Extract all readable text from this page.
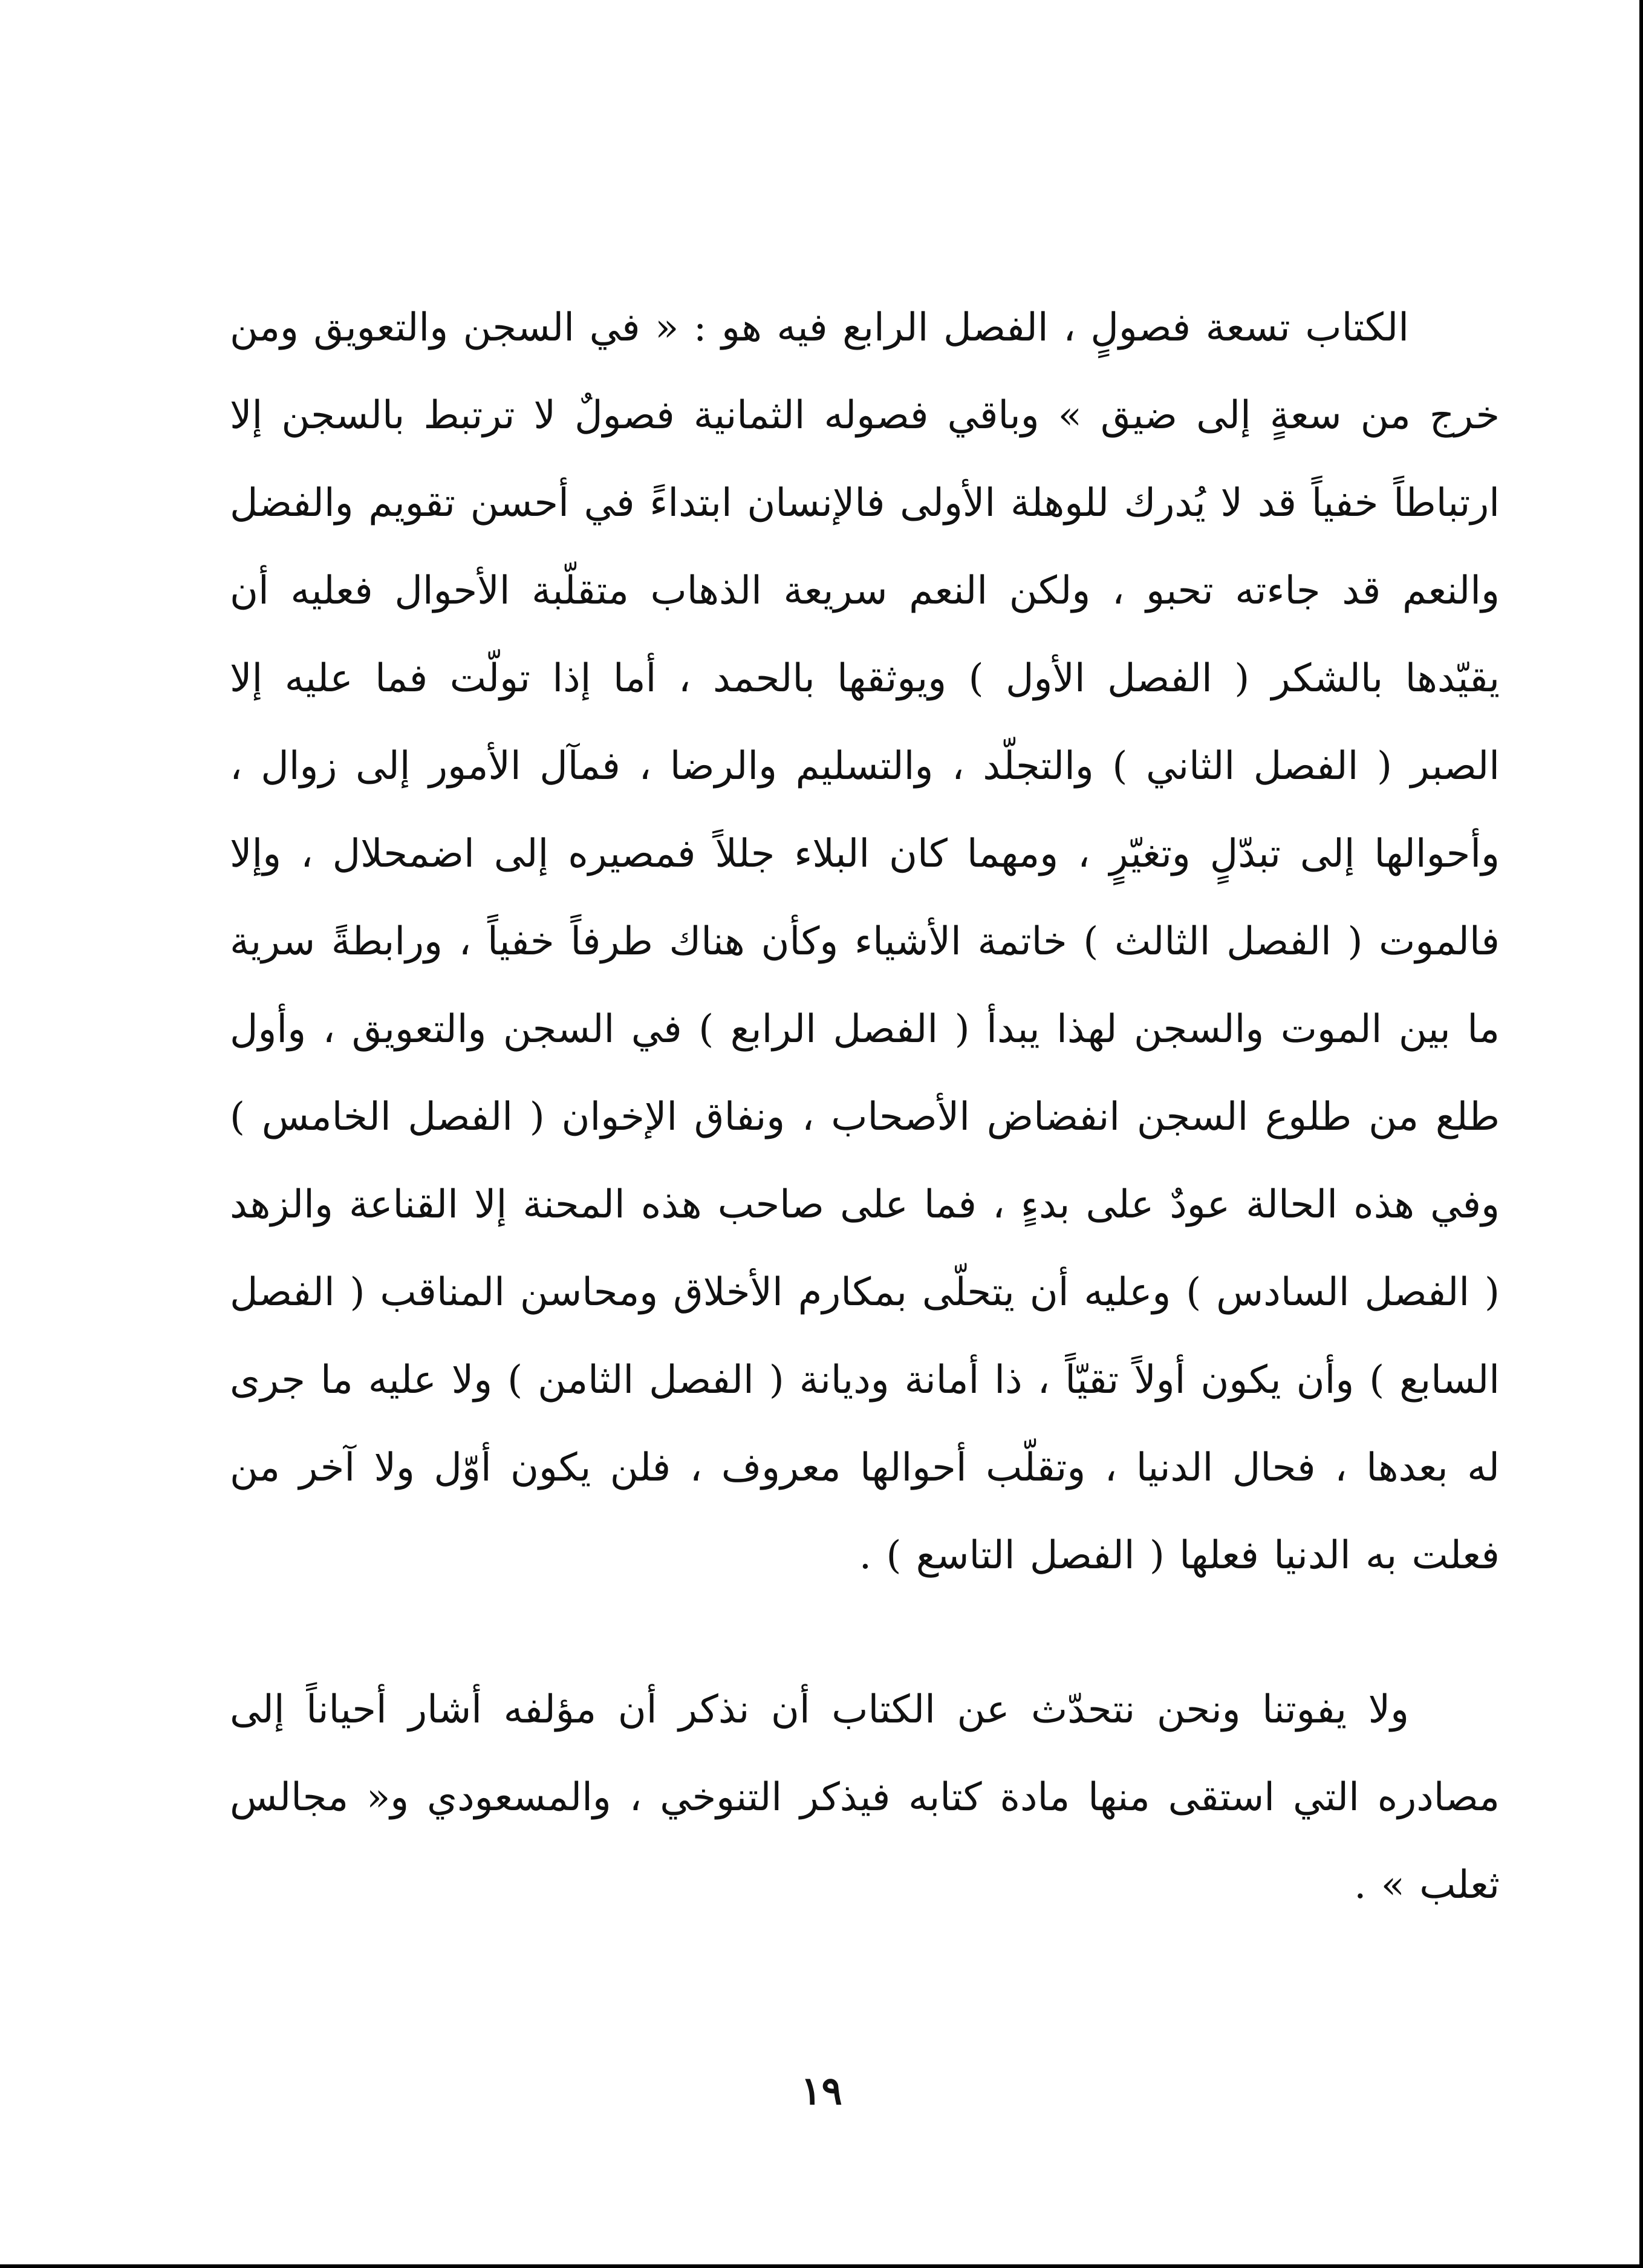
الكتاب تسعة فصولٍ ، الفصل الرابع فيه هو : « في السجن والتعويق ومن خرج من سعةٍ إلى ضيق » وباقي فصوله الثمانية فصولٌ لا ترتبط بالسجن إلا ارتباطاً خفياً قد لا يُدرك للوهلة الأولى فالإنسان ابتداءً في أحسن تقويم والفضل والنعم قد جاءته تحبو ، ولكن النعم سريعة الذهاب متقلّبة الأحوال فعليه أن يقيّدها بالشكر ( الفصل الأول ) ويوثقها بالحمد ، أما إذا تولّت فما عليه إلا الصبر ( الفصل الثاني ) والتجلّد ، والتسليم والرضا ، فمآل الأمور إلى زوال ، وأحوالها إلى تبدّلٍ وتغيّرٍ ، ومهما كان البلاء جللاً فمصيره إلى اضمحلال ، وإلا فالموت ( الفصل الثالث ) خاتمة الأشياء وكأن هناك طرفاً خفياً ، ورابطةً سرية ما بين الموت والسجن لهذا يبدأ ( الفصل الرابع ) في السجن والتعويق ، وأول طلع من طلوع السجن انفضاض الأصحاب ، ونفاق الإخوان ( الفصل الخامس ) وفي هذه الحالة عودٌ على بدءٍ ، فما على صاحب هذه المحنة إلا القناعة والزهد ( الفصل السادس ) وعليه أن يتحلّى بمكارم الأخلاق ومحاسن المناقب ( الفصل السابع ) وأن يكون أولاً تقيّاً ، ذا أمانة وديانة ( الفصل الثامن ) ولا عليه ما جرى له بعدها ، فحال الدنيا ، وتقلّب أحوالها معروف ، فلن يكون أوّل ولا آخر من فعلت به الدنيا فعلها ( الفصل التاسع ) .

ولا يفوتنا ونحن نتحدّث عن الكتاب أن نذكر أن مؤلفه أشار أحياناً إلى مصادره التي استقى منها مادة كتابه فيذكر التنوخي ، والمسعودي و« مجالس ثعلب » .

١٩
